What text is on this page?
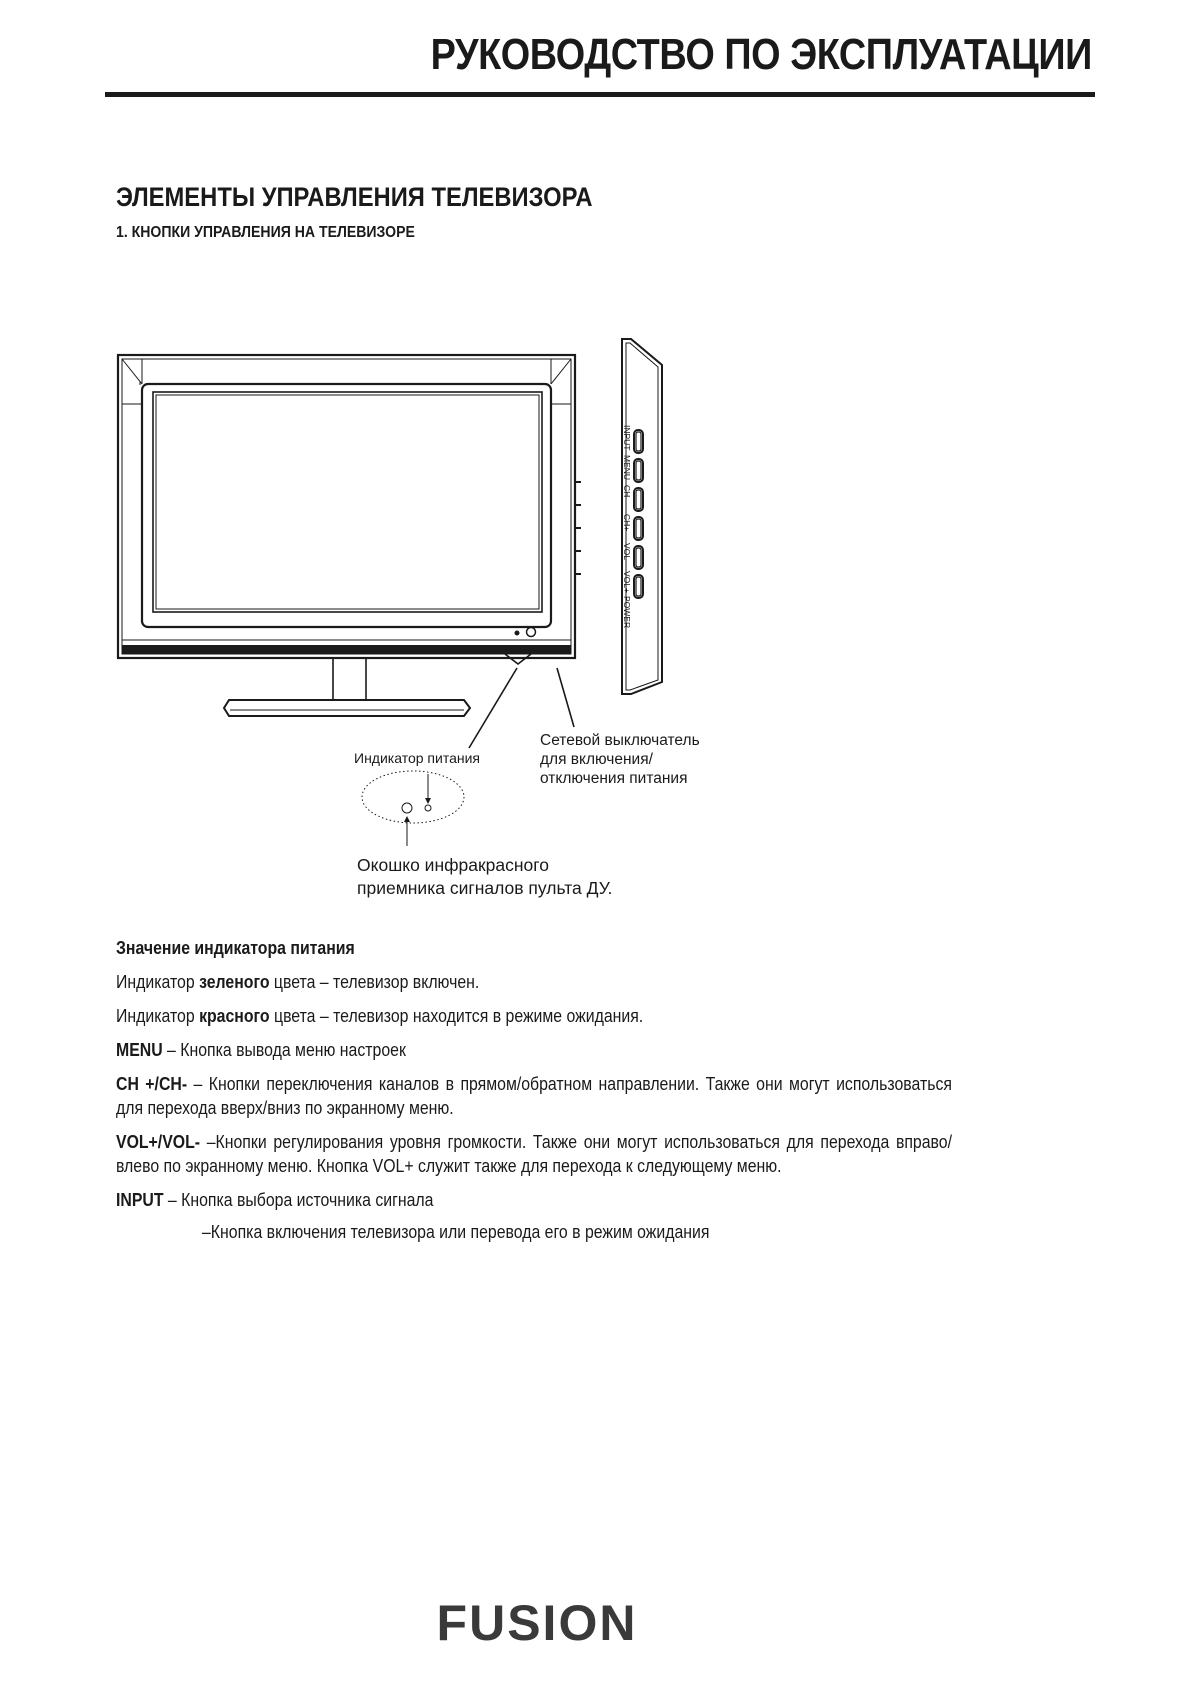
РУКОВОДСТВО ПО ЭКСПЛУАТАЦИИ
ЭЛЕМЕНТЫ УПРАВЛЕНИЯ ТЕЛЕВИЗОРА
1. КНОПКИ УПРАВЛЕНИЯ НА ТЕЛЕВИЗОРЕ
INPUT
MENU
CH-
CH+
VOL-
VOL+
POWER
Индикатор питания
Сетевой выключатель
для включения/
отключения питания
Окошко инфракрасного
приемника сигналов пульта ДУ.
Значение индикатора питания
Индикатор зеленого цвета – телевизор включен.
Индикатор красного цвета – телевизор находится в режиме ожидания.
MENU – Кнопка вывода меню настроек
CH +/CH- – Кнопки переключения каналов в прямом/обратном направлении. Также они могут использоваться для перехода вверх/вниз по экранному меню.
VOL+/VOL- –Кнопки регулирования уровня громкости. Также они могут использоваться для перехода вправо/влево по экранному меню. Кнопка VOL+ служит также для перехода к следующему меню.
INPUT – Кнопка выбора источника сигнала
–Кнопка включения телевизора или перевода его в режим ожидания
FUSION
